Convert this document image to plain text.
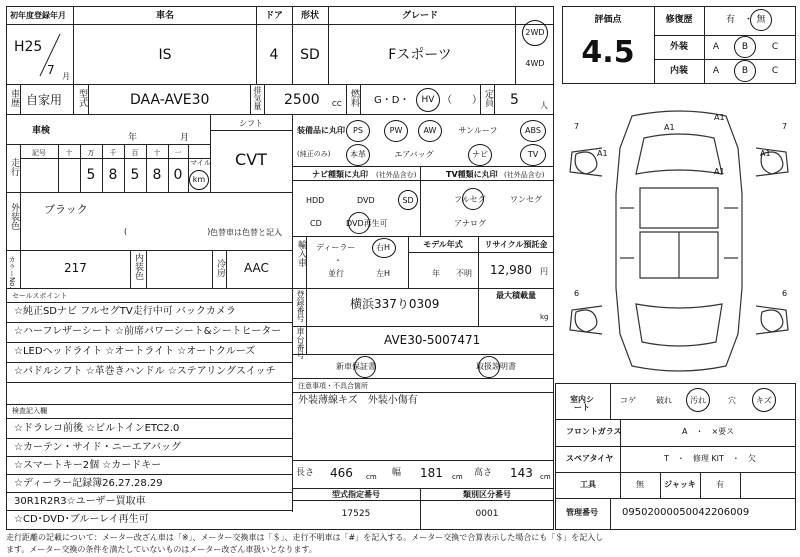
初年度登録年月	車名	ドア 形状	グレード
H25
7 月
IS	4 SD	Fスポーツ
2WD
4WD
車歴 自家用 型式	DAA-AVE30	排気量 2500 CC 燃料 G・D・ HV （　　） 定員 5	人
車検
年	月
シフト
CVT
走行
記号	十 万 千 百 十 一
5 8 5 8 0
マイル
km
装備品に丸印
(純正のみ)
PS	PW	AW	サンルーフ	ABS
本革	エアバッグ	ナビ	TV
ナビ種類に丸印 (社外品含む)	TV種類に丸印 (社外品含む)
HDD	DVD	SD
CD	DVD再生可
フルセグ	ワンセグ
アナログ
外装色 ブラック
(　　　　　　　　　　) 色替車は色替と記入
カラーNo.	217	内装色	冷房 AAC
輸入車 ディーラー
・
並行
右H
左H
モデル年式
年 不明
リサイクル預託金
12,980 円
登録番号	横浜337り0309
最大積載量
kg
車台番号	AVE30-5007471
新車保証書	取扱説明書
セールスポイント
☆純正SDナビ フルセグTV走行中可 バックカメラ
☆ハーフレザーシート ☆前席パワーシート&シートヒーター
☆LEDヘッドライト ☆オートライト ☆オートクルーズ
☆パドルシフト ☆革巻きハンドル ☆ステアリングスイッチ
検査記入欄
☆ドラレコ前後 ☆ビルトインETC2.0
☆カーテン・サイド・ニーエアバッグ
☆スマートキー2個 ☆カードキー
☆ディーラー記録簿26.27.28.29
30R1R2R3☆ユーザー買取車
☆CD･DVD･ブルーレイ再生可
注意事項・不具合箇所
外装薄線キズ　外装小傷有
長さ 466 cm 幅 181 cm 高さ 143 cm
型式指定番号
17525
類別区分番号
0001
評価点
4.5
修復歴	有 ・ 無
外装	A	B	C
内装	A	B	C
A1
A1
A1
A1	A1
7	7
6	6
室内シート
コゲ	破れ 汚れ	穴	キズ
フロントガラス	A　・　×要ス
スペアタイヤ	T　・　修理 KIT　・　欠
工具	無	ジャッキ	有
管理番号 09502000050042206009
走行距離の記載について：メーター改ざん車は「※」、メーター交換車は「＄」、走行不明車は「#」を記入する。メーター交換で合算表示した場合にも「＄」を記入し
ます。メーター交換の条件を満たしていないものはメーター改ざん車扱いとなります。
